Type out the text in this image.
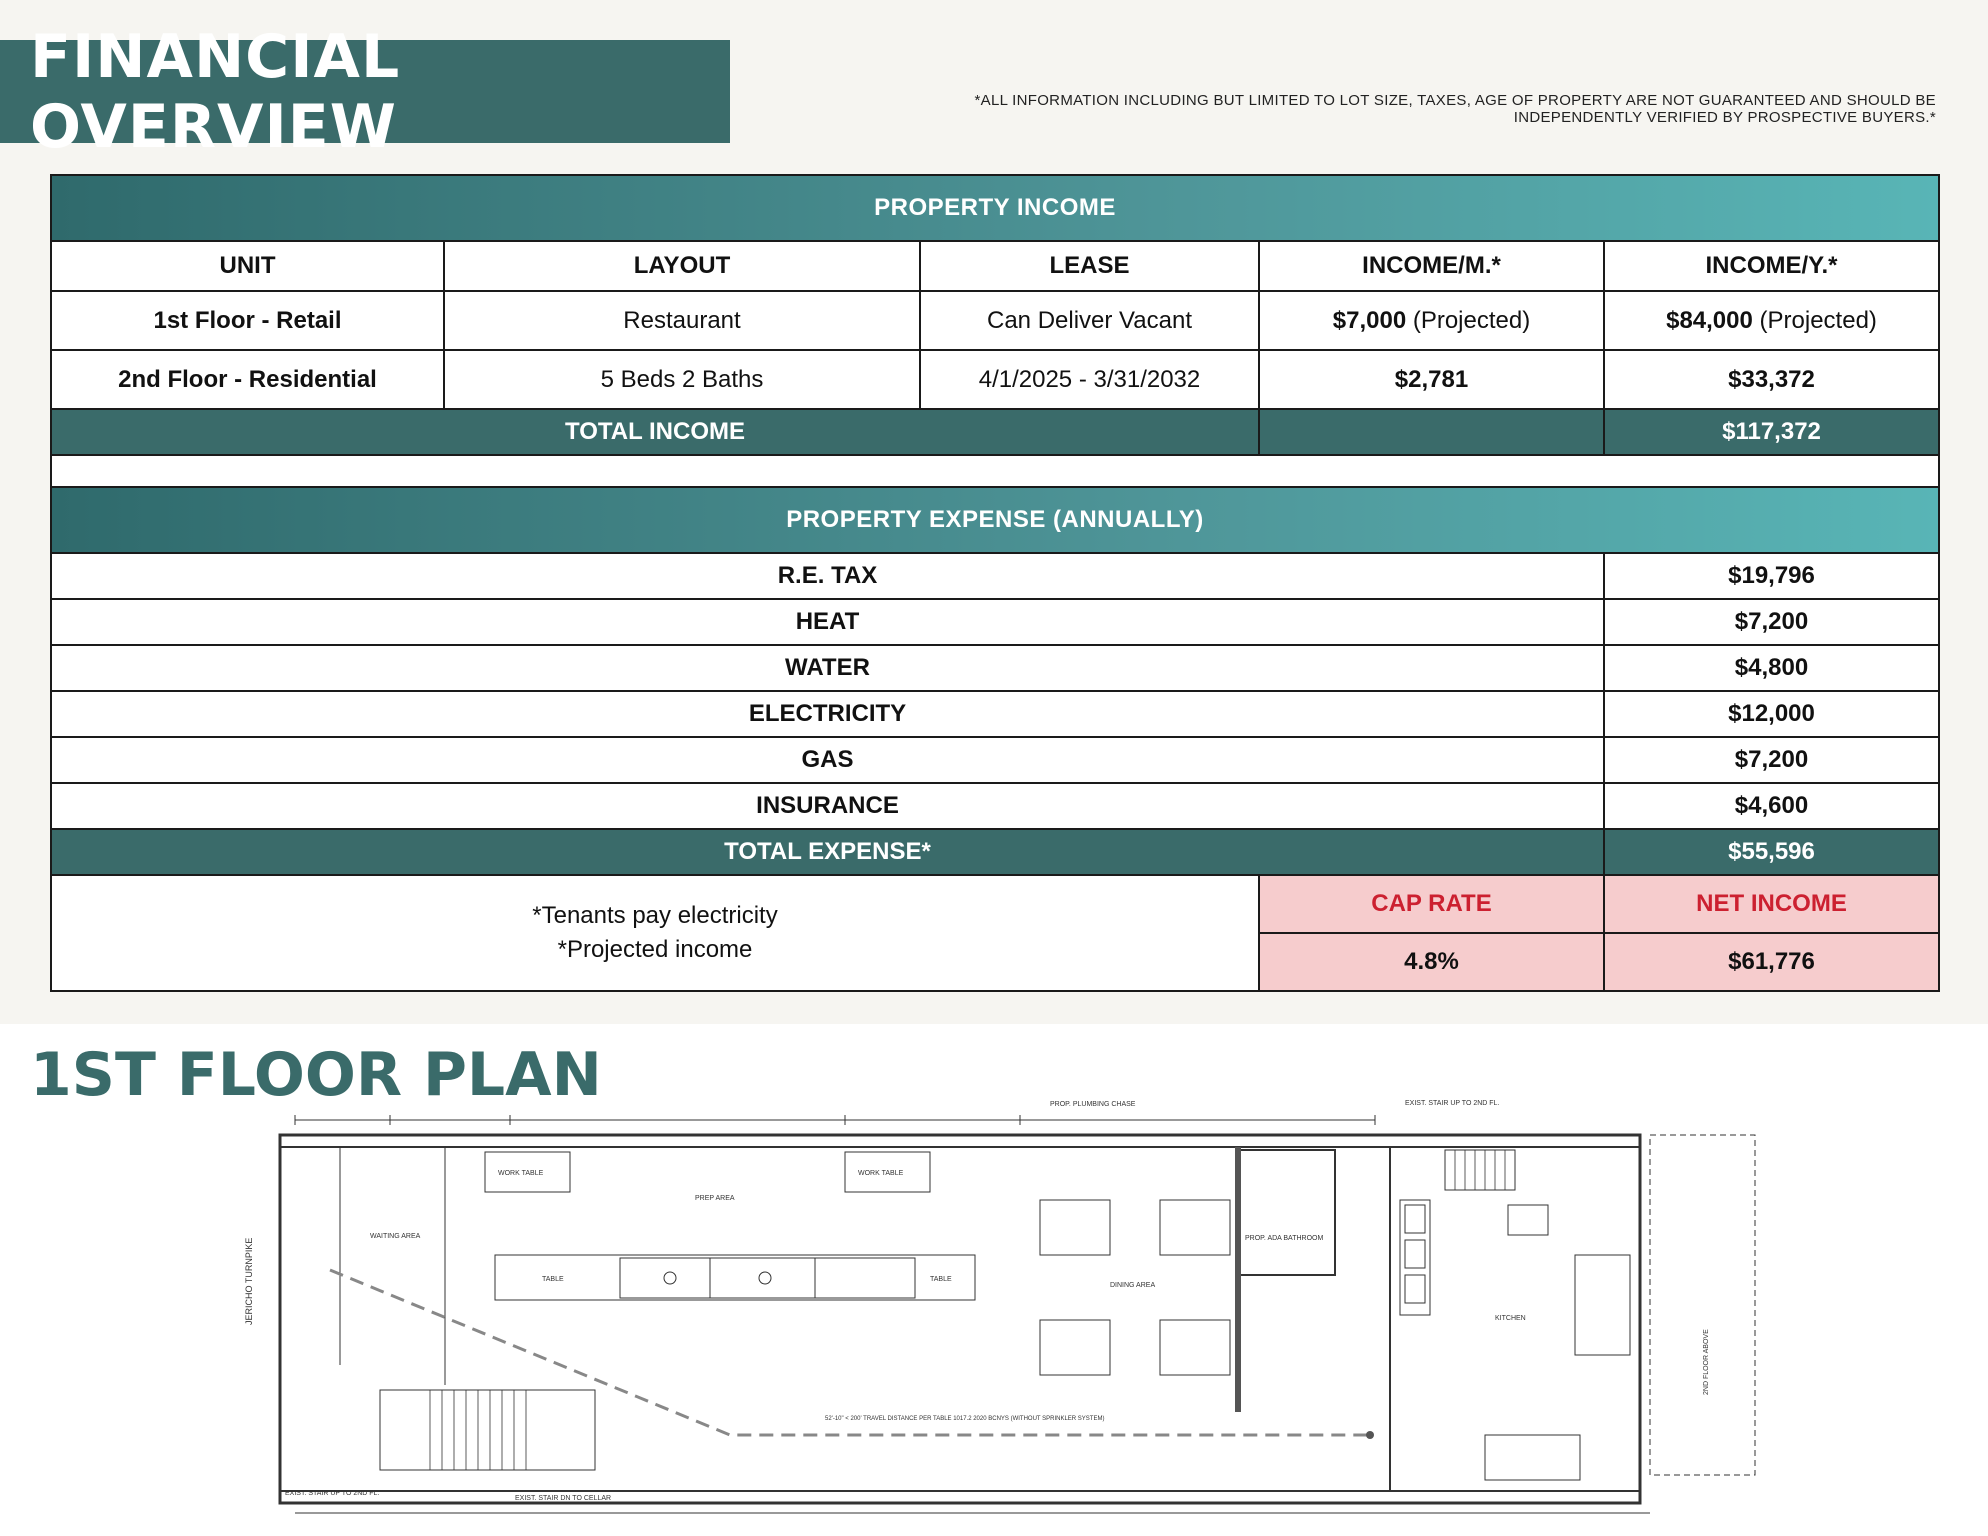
FINANCIAL OVERVIEW	*ALL INFORMATION INCLUDING BUT LIMITED TO LOT SIZE, TAXES, AGE OF PROPERTY ARE NOT GUARANTEED AND SHOULD BE
INDEPENDENTLY VERIFIED BY PROSPECTIVE BUYERS.*
PROPERTY INCOME				
UNIT	LAYOUT	LEASE	INCOME/M.*	INCOME/Y.*
1st Floor - Retail	Restaurant	Can Deliver Vacant	$7,000 (Projected)	$84,000 (Projected)
2nd Floor - Residential	5 Beds 2 Baths	4/1/2025 - 3/31/2032	$2,781	$33,372
TOTAL INCOME				$117,372

PROPERTY EXPENSE (ANNUALLY)				
R.E. TAX				$19,796
HEAT				$7,200
WATER				$4,800
ELECTRICITY				$12,000
GAS				$7,200
INSURANCE				$4,600
TOTAL EXPENSE*				$55,596

*Tenants pay electricity
*Projected income			CAP RATE	NET INCOME
			4.8%	$61,776
1ST FLOOR PLAN
JERICHO TURNPIKE
WAITING AREA
PREP AREA
DINING AREA
KITCHEN
WORK TABLE	WORK TABLE
TABLE	TABLE
PROP. ADA BATHROOM
52'-10" < 200' TRAVEL DISTANCE PER TABLE 1017.2 2020 BCNYS (WITHOUT SPRINKLER SYSTEM)
EXIST. STAIR UP TO 2ND FL.
EXIST. STAIR UP TO 2ND FL.
EXIST. STAIR DN TO CELLAR
PROP. PLUMBING CHASE
2ND FLOOR ABOVE
